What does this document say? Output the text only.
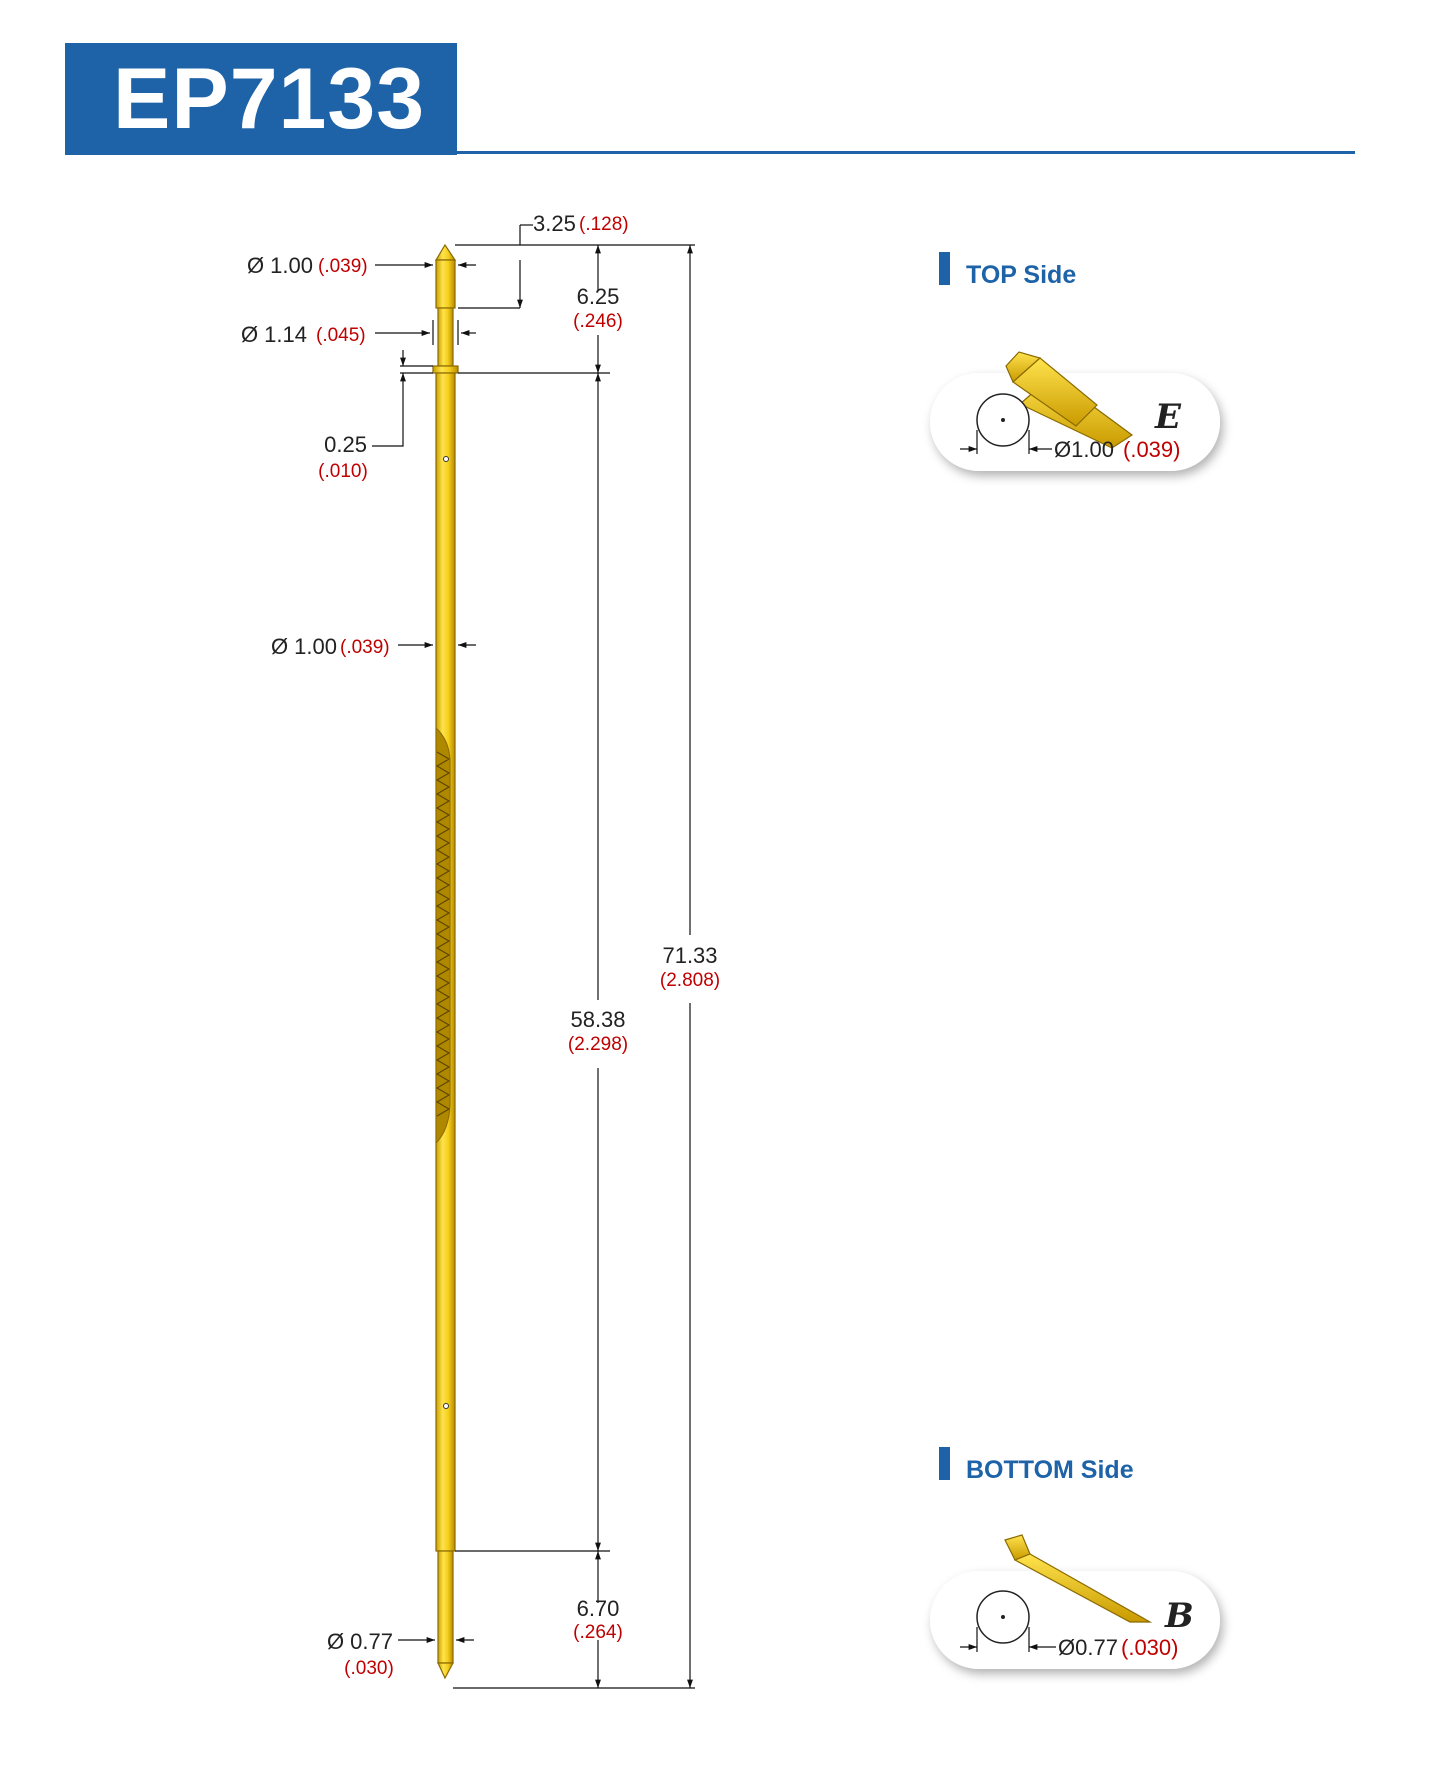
EP7133
3.25 (.128)
6.25
(.246)
58.38
(2.298)
6.70
(.264)
71.33
(2.808)
Ø 1.00 (.039)
Ø 1.14 (.045)
0.25
(.010)
Ø 1.00 (.039)
Ø 0.77
(.030)
TOP Side
E
Ø1.00 (.039)
BOTTOM Side
B
Ø0.77 (.030)
